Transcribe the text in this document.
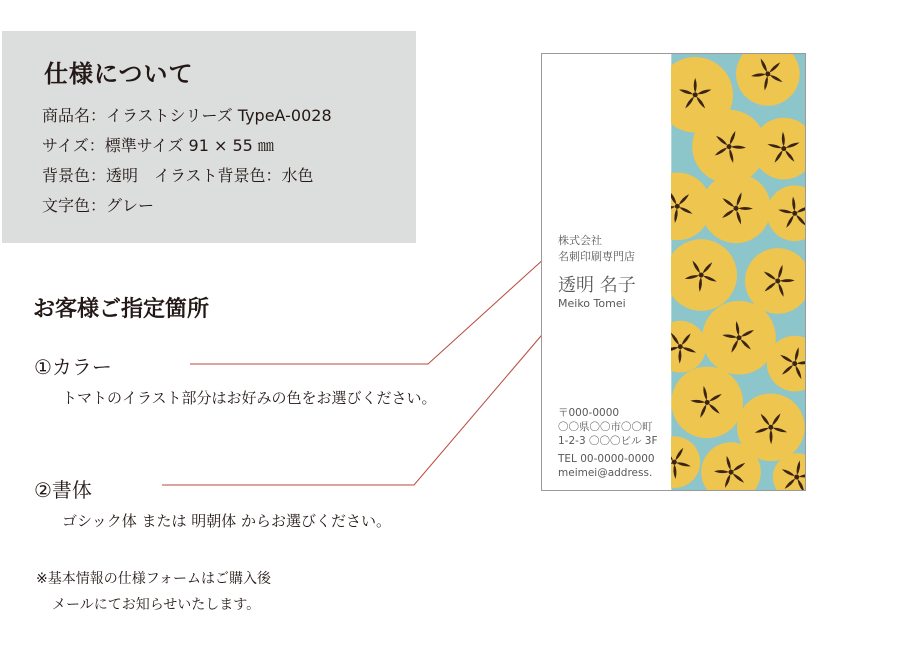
仕様について
商品名：イラストシリーズ TypeA-0028
サイズ：標準サイズ 91 × 55 ㎜
背景色：透明　イラスト背景色：水色
文字色：グレー
お客様ご指定箇所
①カラー
トマトのイラスト部分はお好みの色をお選びください。
②書体
ゴシック体 または 明朝体 からお選びください。
※基本情報の仕様フォームはご購入後
メールにてお知らせいたします。
株式会社
名刺印刷専門店
透明 名子
Meiko Tomei
〒000-0000
〇〇県〇〇市〇〇町
1-2-3 〇〇〇ビル 3F
TEL 00-0000-0000
meimei@address.
